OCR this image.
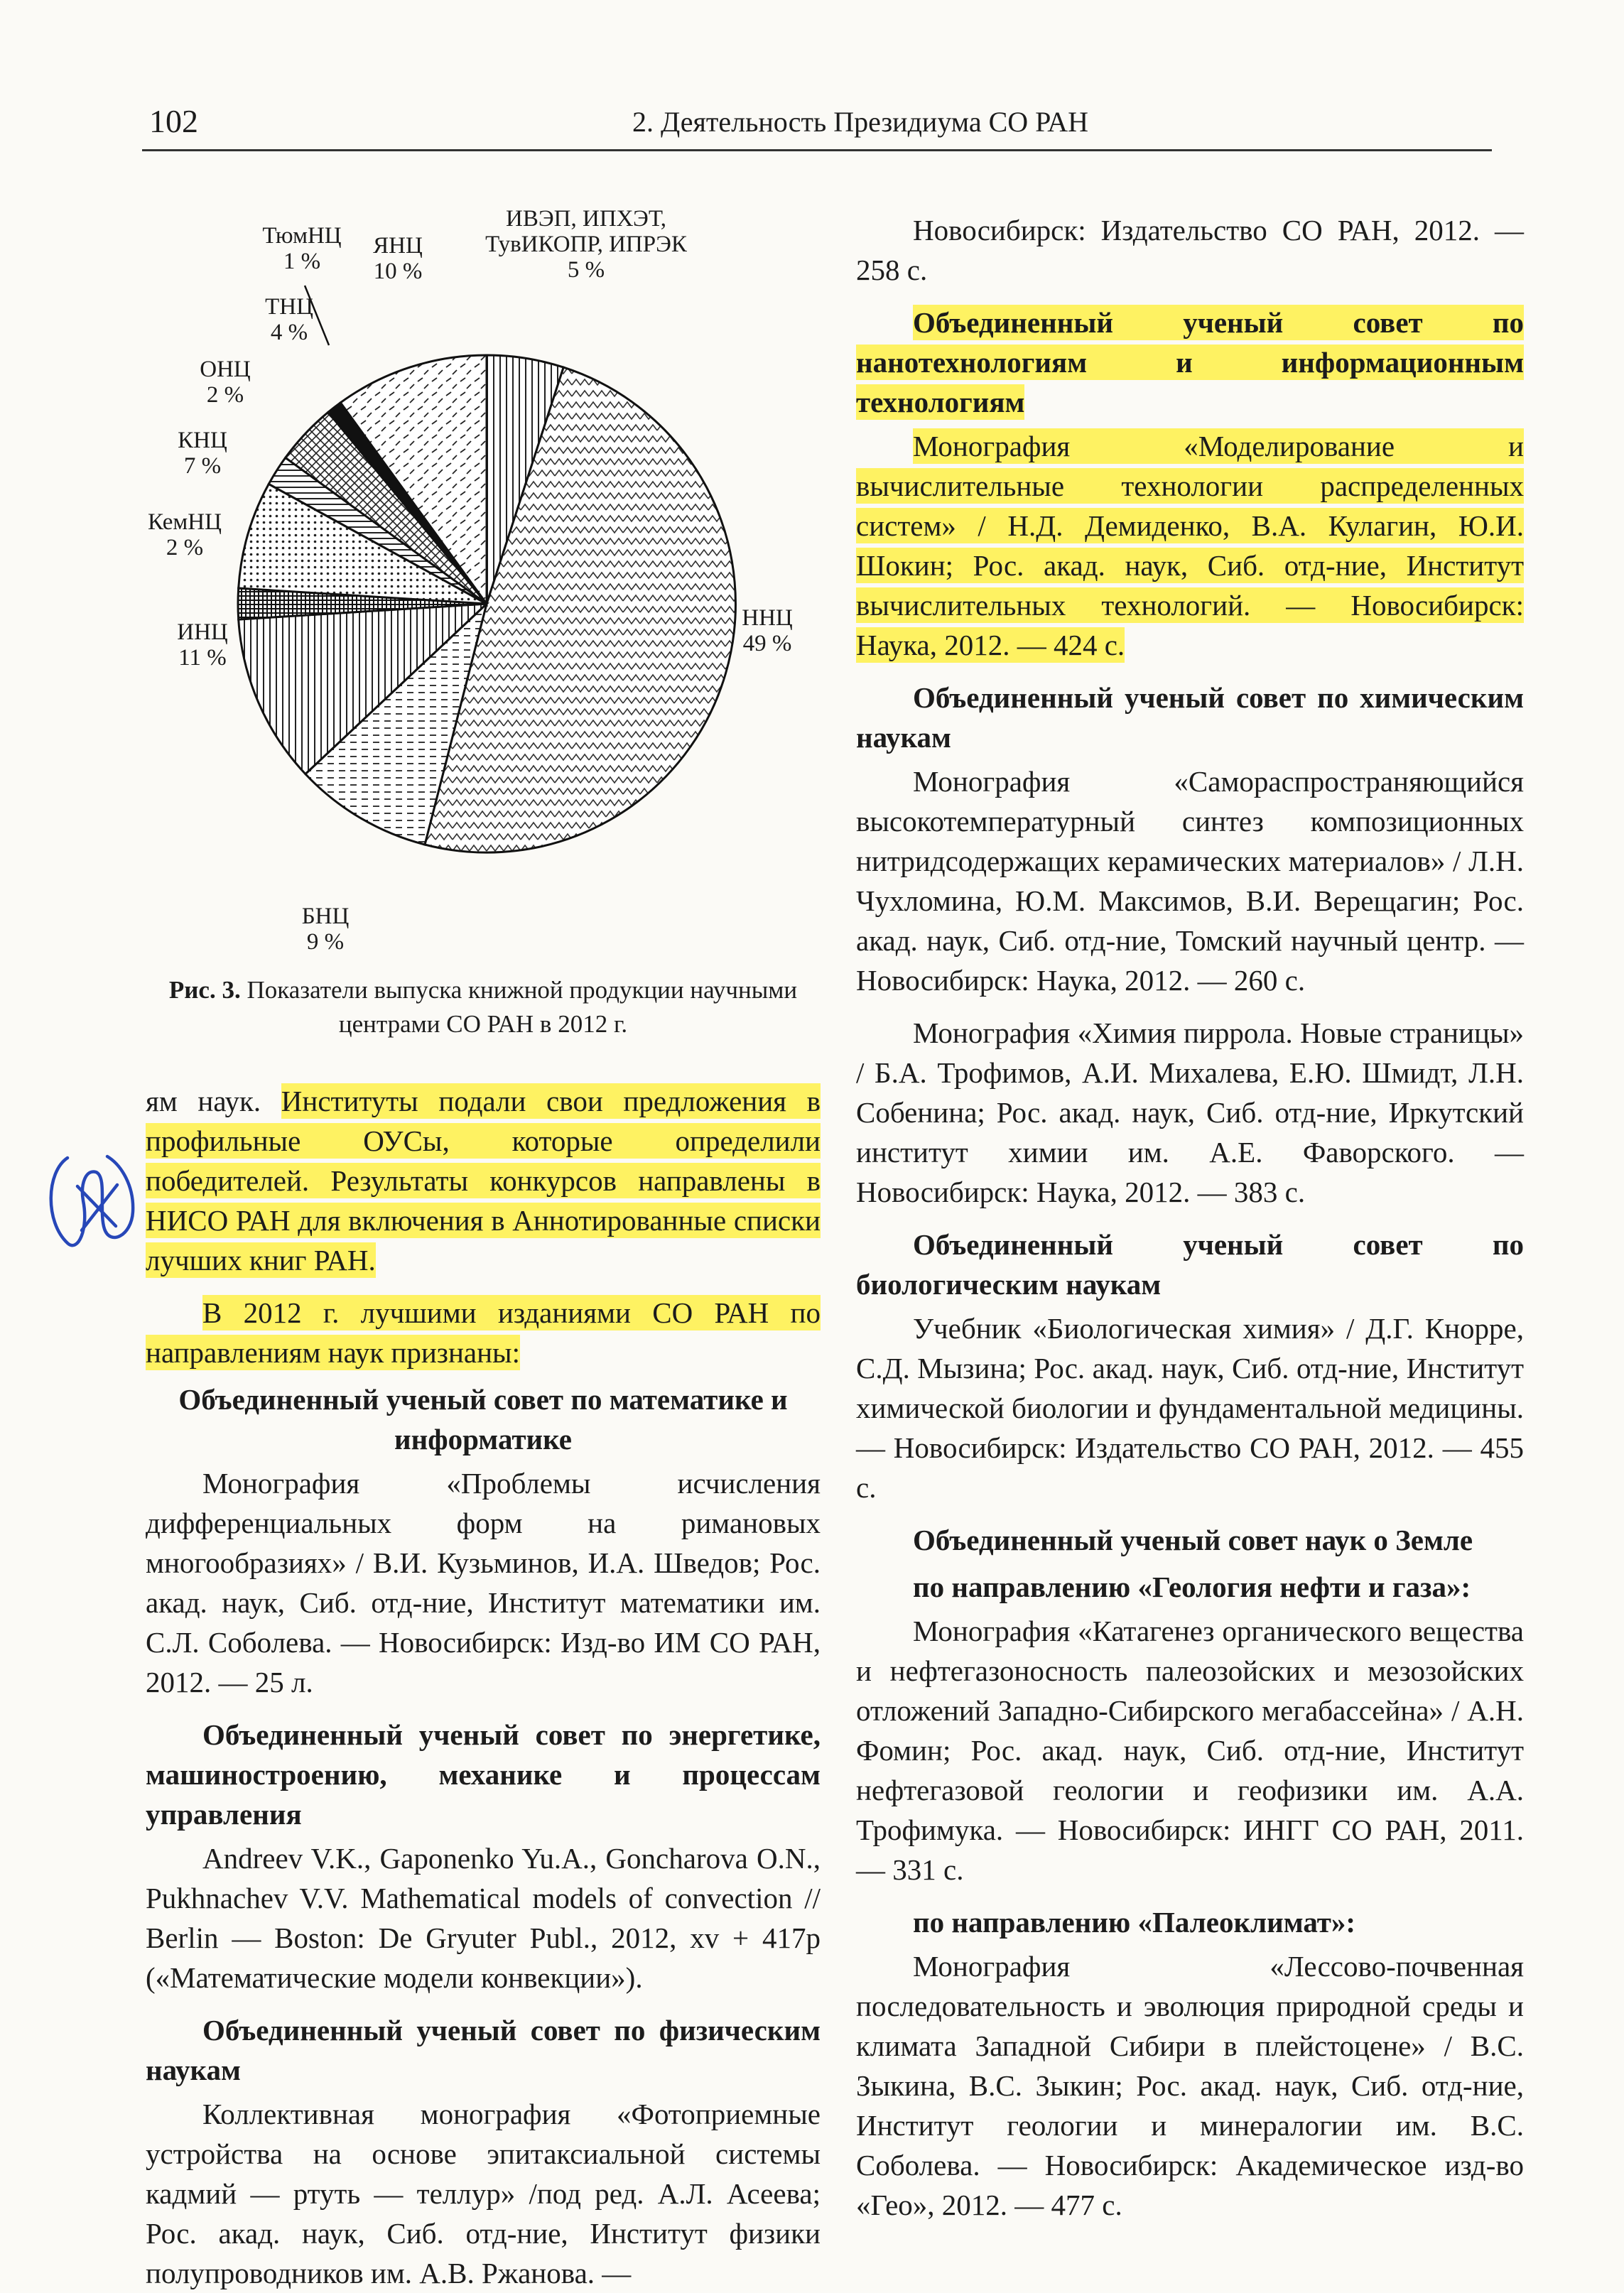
102	2. Деятельность Президиума СО РАН
ИВЭП, ИПХЭТ, ТувИКОПР, ИПРЭК 5 %
ННЦ 49 %
БНЦ 9 %
ИНЦ 11 %
КемНЦ 2 %
КНЦ 7 %
ОНЦ 2 %
ТНЦ 4 %
ТюмНЦ 1 %
ЯНЦ 10 %
Рис. 3. Показатели выпуска книжной продукции научными центрами СО РАН в 2012 г.

ям наук. Институты подали свои предложения в профильные ОУСы, которые определили победителей. Результаты конкурсов направлены в НИСО РАН для включения в Аннотированные списки лучших книг РАН.

В 2012 г. лучшими изданиями СО РАН по направлениям наук признаны:

Объединенный ученый совет по математике и информатике

Монография «Проблемы исчисления дифференциальных форм на римановых многообразиях» / В.И. Кузьминов, И.А. Шведов; Рос. акад. наук, Сиб. отд-ние, Институт математики им. С.Л. Соболева. — Новосибирск: Изд-во ИМ СО РАН, 2012. — 25 л.

Объединенный ученый совет по энергетике, машиностроению, механике и процессам управления

Andreev V.K., Gaponenko Yu.A., Goncharova O.N., Pukhnachev V.V. Mathematical models of convection // Berlin — Boston: De Gryuter Publ., 2012, xv + 417p («Математические модели конвекции»).

Объединенный ученый совет по физическим наукам

Коллективная монография «Фотоприемные устройства на основе эпитаксиальной системы кадмий — ртуть — теллур» /под ред. А.Л. Асеева; Рос. акад. наук, Сиб. отд-ние, Институт физики полупроводников им. А.В. Ржанова. —

Новосибирск: Издательство СО РАН, 2012. — 258 с.

Объединенный ученый совет по нанотехнологиям и информационным технологиям

Монография «Моделирование и вычислительные технологии распределенных систем» / Н.Д. Демиденко, В.А. Кулагин, Ю.И. Шокин; Рос. акад. наук, Сиб. отд-ние, Институт вычислительных технологий. — Новосибирск: Наука, 2012. — 424 с.

Объединенный ученый совет по химическим наукам

Монография «Самораспространяющийся высокотемпературный синтез композиционных нитридсодержащих керамических материалов» / Л.Н. Чухломина, Ю.М. Максимов, В.И. Верещагин; Рос. акад. наук, Сиб. отд-ние, Томский научный центр. — Новосибирск: Наука, 2012. — 260 с.

Монография «Химия пиррола. Новые страницы» / Б.А. Трофимов, А.И. Михалева, Е.Ю. Шмидт, Л.Н. Собенина; Рос. акад. наук, Сиб. отд-ние, Иркутский институт химии им. А.Е. Фаворского. — Новосибирск: Наука, 2012. — 383 с.

Объединенный ученый совет по биологическим наукам

Учебник «Биологическая химия» / Д.Г. Кнорре, С.Д. Мызина; Рос. акад. наук, Сиб. отд-ние, Институт химической биологии и фундаментальной медицины. — Новосибирск: Издательство СО РАН, 2012. — 455 с.

Объединенный ученый совет наук о Земле
по направлению «Геология нефти и газа»:

Монография «Катагенез органического вещества и нефтегазоносность палеозойских и мезозойских отложений Западно-Сибирского мегабассейна» / А.Н. Фомин; Рос. акад. наук, Сиб. отд-ние, Институт нефтегазовой геологии и геофизики им. А.А. Трофимука. — Новосибирск: ИНГГ СО РАН, 2011. — 331 с.

по направлению «Палеоклимат»:

Монография «Лессово-почвенная последовательность и эволюция природной среды и климата Западной Сибири в плейстоцене» / В.С. Зыкина, В.С. Зыкин; Рос. акад. наук, Сиб. отд-ние, Институт геологии и минералогии им. В.С. Соболева. — Новосибирск: Академическое изд-во «Гео», 2012. — 477 с.
